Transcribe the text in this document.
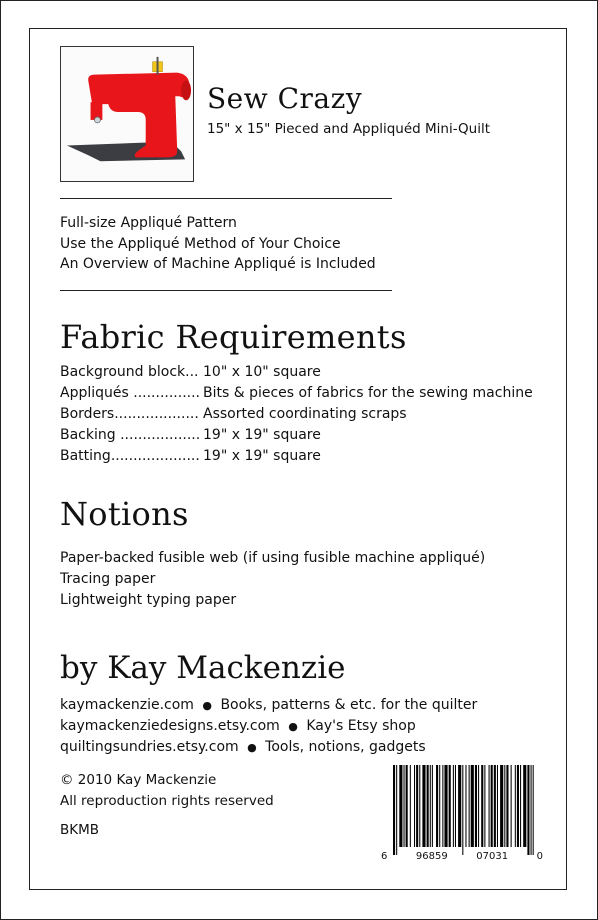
Sew Crazy
15" x 15" Pieced and Appliquéd Mini-Quilt
Full-size Appliqué Pattern
Use the Appliqué Method of Your Choice
An Overview of Machine Appliqué is Included
Fabric Requirements
Background block... 10" x 10" square
Appliqués ............... Bits & pieces of fabrics for the sewing machine
Borders................... Assorted coordinating scraps
Backing .................. 19" x 19" square
Batting.................... 19" x 19" square
Notions
Paper-backed fusible web (if using fusible machine appliqué)
Tracing paper
Lightweight typing paper
by Kay Mackenzie
kaymackenzie.com ● Books, patterns & etc. for the quilter
kaymackenziedesigns.etsy.com ● Kay's Etsy shop
quiltingsundries.etsy.com ● Tools, notions, gadgets
© 2010 Kay Mackenzie
All reproduction rights reserved
BKMB
6	96859	07031	0
